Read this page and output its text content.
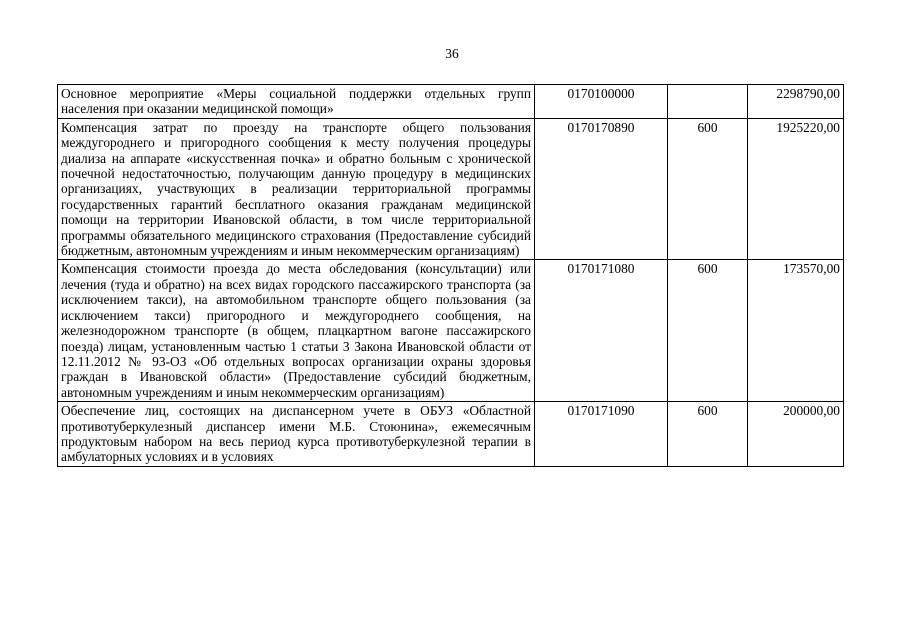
36
Основное мероприятие «Меры социальной поддержки отдельных групп населения при оказании медицинской помощи»	0170100000		2298790,00
Компенсация затрат по проезду на транспорте общего пользования междугороднего и пригородного сообщения к месту получения процедуры диализа на аппарате «искусственная почка» и обратно больным с хронической почечной недостаточностью, получающим данную процедуру в медицинских организациях, участвующих в реализации территориальной программы государственных гарантий бесплатного оказания гражданам медицинской помощи на территории Ивановской области, в том числе территориальной программы обязательного медицинского страхования (Предоставление субсидий бюджетным, автономным учреждениям и иным некоммерческим организациям)	0170170890	600	1925220,00
Компенсация стоимости проезда до места обследования (консультации) или лечения (туда и обратно) на всех видах городского пассажирского транспорта (за исключением такси), на автомобильном транспорте общего пользования (за исключением такси) пригородного и междугороднего сообщения, на железнодорожном транспорте (в общем, плацкартном вагоне пассажирского поезда) лицам, установленным частью 1 статьи 3 Закона Ивановской области от 12.11.2012 № 93-ОЗ «Об отдельных вопросах организации охраны здоровья граждан в Ивановской области» (Предоставление субсидий бюджетным, автономным учреждениям и иным некоммерческим организациям)	0170171080	600	173570,00
Обеспечение лиц, состоящих на диспансерном учете в ОБУЗ «Областной противотуберкулезный диспансер имени М.Б. Стоюнина», ежемесячным продуктовым набором на весь период курса противотуберкулезной терапии в амбулаторных условиях и в условиях	0170171090	600	200000,00
